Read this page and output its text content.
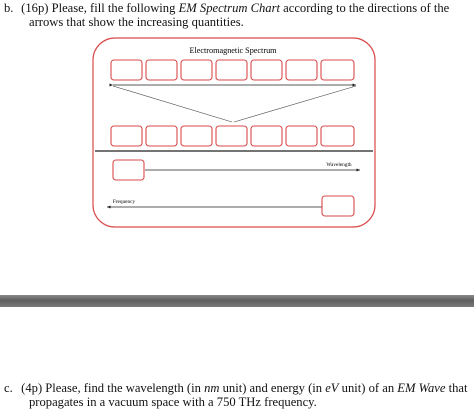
b. (16p) Please, fill the following EM Spectrum Chart according to the directions of the
arrows that show the increasing quantities.
Electromagnetic Spectrum
Wavelength
Frequency
c. (4p) Please, find the wavelength (in nm unit) and energy (in eV unit) of an EM Wave that
propagates in a vacuum space with a 750 THz frequency.
